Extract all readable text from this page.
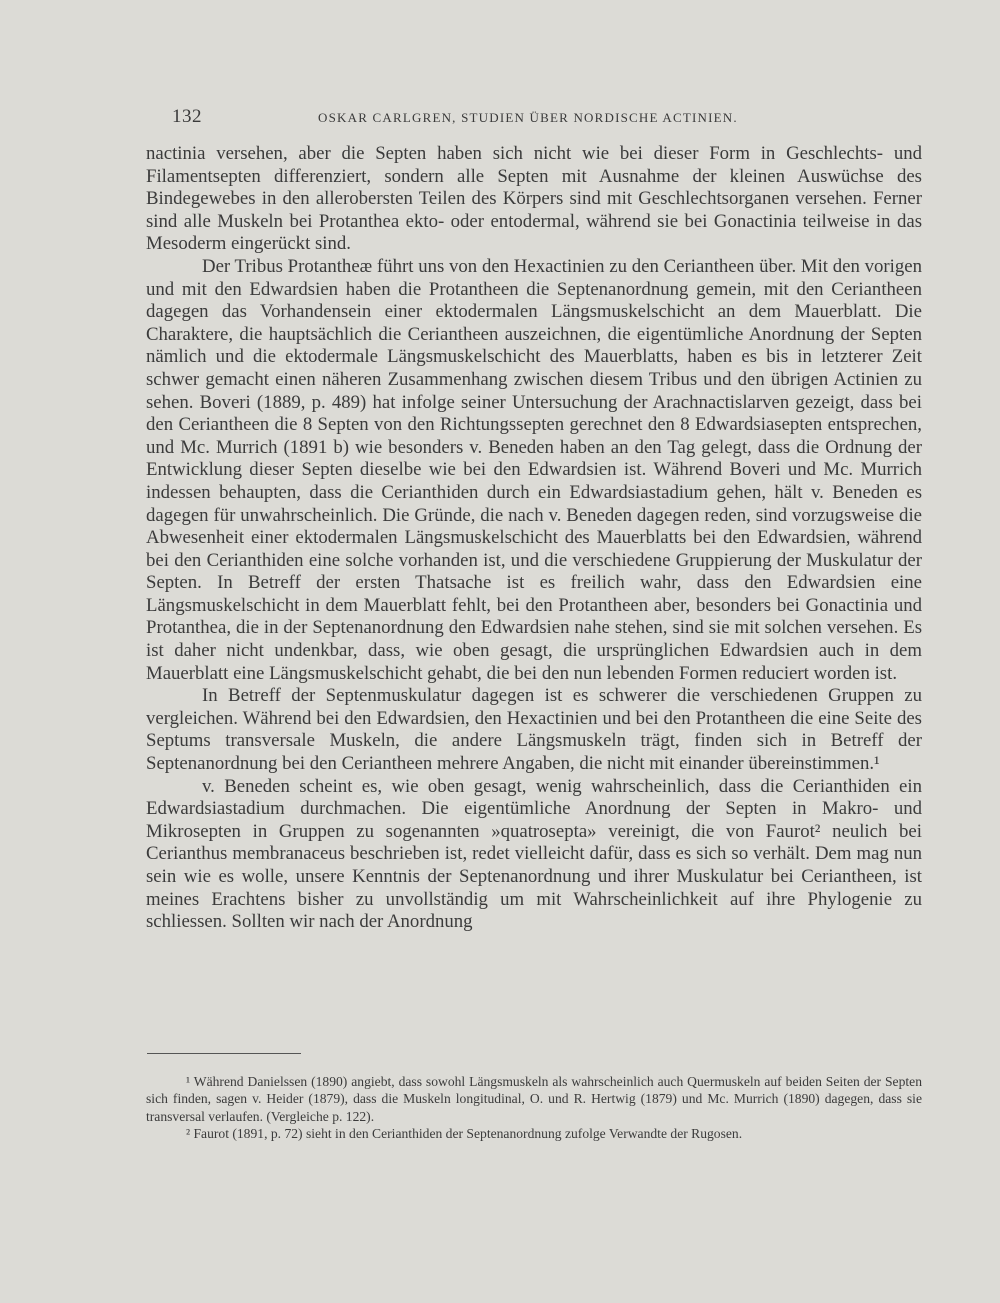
132	OSKAR CARLGREN, STUDIEN ÜBER NORDISCHE ACTINIEN.

nactinia versehen, aber die Septen haben sich nicht wie bei dieser Form in Geschlechts- und Filamentsepten differenziert, sondern alle Septen mit Ausnahme der kleinen Auswüchse des Bindegewebes in den allerobersten Teilen des Körpers sind mit Geschlechtsorganen versehen. Ferner sind alle Muskeln bei Protanthea ekto- oder entodermal, während sie bei Gonactinia teilweise in das Mesoderm eingerückt sind.

Der Tribus Protantheæ führt uns von den Hexactinien zu den Ceriantheen über. Mit den vorigen und mit den Edwardsien haben die Protantheen die Septenanordnung gemein, mit den Ceriantheen dagegen das Vorhandensein einer ektodermalen Längsmuskelschicht an dem Mauerblatt. Die Charaktere, die hauptsächlich die Ceriantheen auszeichnen, die eigentümliche Anordnung der Septen nämlich und die ektodermale Längsmuskelschicht des Mauerblatts, haben es bis in letzterer Zeit schwer gemacht einen näheren Zusammenhang zwischen diesem Tribus und den übrigen Actinien zu sehen. Boveri (1889, p. 489) hat infolge seiner Untersuchung der Arachnactislarven gezeigt, dass bei den Ceriantheen die 8 Septen von den Richtungssepten gerechnet den 8 Edwardsiasepten entsprechen, und Mc. Murrich (1891 b) wie besonders v. Beneden haben an den Tag gelegt, dass die Ordnung der Entwicklung dieser Septen dieselbe wie bei den Edwardsien ist. Während Boveri und Mc. Murrich indessen behaupten, dass die Cerianthiden durch ein Edwardsiastadium gehen, hält v. Beneden es dagegen für unwahrscheinlich. Die Gründe, die nach v. Beneden dagegen reden, sind vorzugsweise die Abwesenheit einer ektodermalen Längsmuskelschicht des Mauerblatts bei den Edwardsien, während bei den Cerianthiden eine solche vorhanden ist, und die verschiedene Gruppierung der Muskulatur der Septen. In Betreff der ersten Thatsache ist es freilich wahr, dass den Edwardsien eine Längsmuskelschicht in dem Mauerblatt fehlt, bei den Protantheen aber, besonders bei Gonactinia und Protanthea, die in der Septenanordnung den Edwardsien nahe stehen, sind sie mit solchen versehen. Es ist daher nicht undenkbar, dass, wie oben gesagt, die ursprünglichen Edwardsien auch in dem Mauerblatt eine Längsmuskelschicht gehabt, die bei den nun lebenden Formen reduciert worden ist.

In Betreff der Septenmuskulatur dagegen ist es schwerer die verschiedenen Gruppen zu vergleichen. Während bei den Edwardsien, den Hexactinien und bei den Protantheen die eine Seite des Septums transversale Muskeln, die andere Längsmuskeln trägt, finden sich in Betreff der Septenanordnung bei den Ceriantheen mehrere Angaben, die nicht mit einander übereinstimmen.¹

v. Beneden scheint es, wie oben gesagt, wenig wahrscheinlich, dass die Cerianthiden ein Edwardsiastadium durchmachen. Die eigentümliche Anordnung der Septen in Makro- und Mikrosepten in Gruppen zu sogenannten »quatrosepta» vereinigt, die von Faurot² neulich bei Cerianthus membranaceus beschrieben ist, redet vielleicht dafür, dass es sich so verhält. Dem mag nun sein wie es wolle, unsere Kenntnis der Septenanordnung und ihrer Muskulatur bei Ceriantheen, ist meines Erachtens bisher zu unvollständig um mit Wahrscheinlichkeit auf ihre Phylogenie zu schliessen. Sollten wir nach der Anordnung

¹ Während Danielssen (1890) angiebt, dass sowohl Längsmuskeln als wahrscheinlich auch Quermuskeln auf beiden Seiten der Septen sich finden, sagen v. Heider (1879), dass die Muskeln longitudinal, O. und R. Hertwig (1879) und Mc. Murrich (1890) dagegen, dass sie transversal verlaufen. (Vergleiche p. 122).

² Faurot (1891, p. 72) sieht in den Cerianthiden der Septenanordnung zufolge Verwandte der Rugosen.
